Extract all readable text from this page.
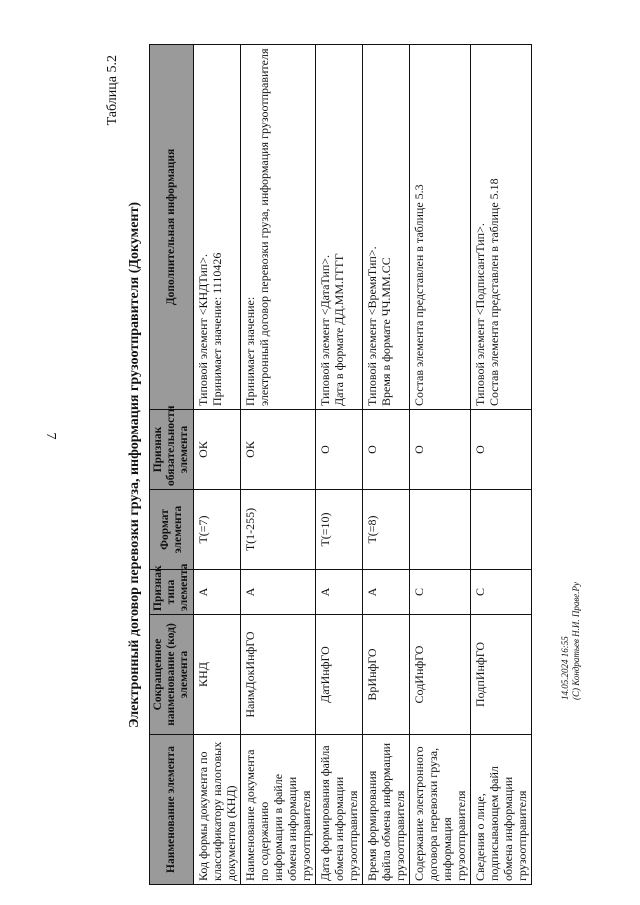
7
Таблица 5.2
Электронный договор перевозки груза, информация грузоотправителя (Документ)
Наименование элемента	Сокращенное наименование (код) элемента	Признак типа элемента	Формат элемента	Признак обязательности элемента	Дополнительная информация
Код формы документа по классификатору налоговых документов (КНД)	КНД	А	Т(=7)	ОК	Типовой элемент <КНДТип>.
Принимает значение: 1110426
Наименование документа по содержанию информации в файле обмена информации грузоотправителя	НаимДокИнфГО	А	Т(1-255)	ОК	Принимает значение:
электронный договор перевозки груза, информация грузоотправителя
Дата формирования файла обмена информации грузоотправителя	ДатИнфГО	А	Т(=10)	О	Типовой элемент <ДатаТип>.
Дата в формате ДД.ММ.ГГГГ
Время формирования файла обмена информации грузоотправителя	ВрИнфГО	А	Т(=8)	О	Типовой элемент <ВремяТип>.
Время в формате ЧЧ.ММ.СС
Содержание электронного договора перевозки груза, информация грузоотправителя	СодИнфГО	С		О	Состав элемента представлен в таблице 5.3
Сведения о лице, подписывающем файл обмена информации грузоотправителя	ПодпИнфГО	С		О	Типовой элемент <ПодписантТип>.
Состав элемента представлен в таблице 5.18
14.05.2024 16:55 (С) Кондратьев Н.И. Праве.Ру
